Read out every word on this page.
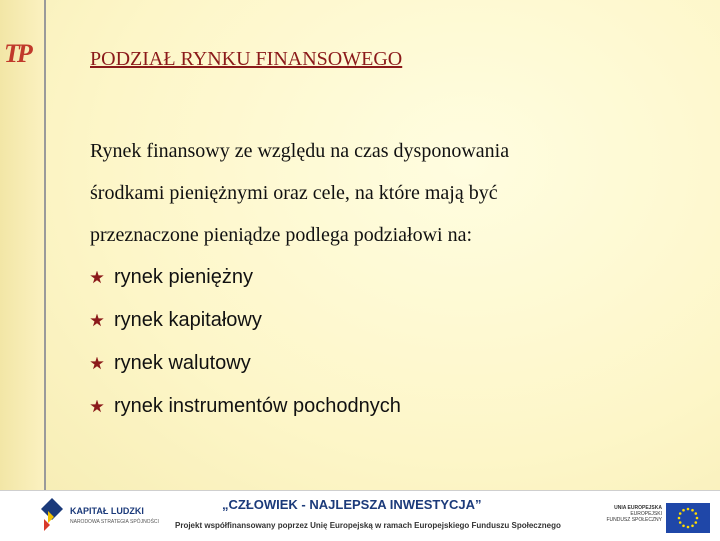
TP	PODZIAŁ RYNKU FINANSOWEGO
Rynek finansowy ze względu na czas dysponowania
środkami pieniężnymi oraz cele, na które mają być
przeznaczone pieniądze podlega podziałowi na:
rynek pieniężny
rynek kapitałowy
rynek walutowy
rynek instrumentów pochodnych
KAPITAŁ LUDZKI
NARODOWA STRATEGIA SPÓJNOŚCI
„CZŁOWIEK - NAJLEPSZA INWESTYCJA”
Projekt współfinansowany poprzez Unię Europejską w ramach Europejskiego Funduszu Społecznego
UNIA EUROPEJSKA
EUROPEJSKI
FUNDUSZ SPOŁECZNY
